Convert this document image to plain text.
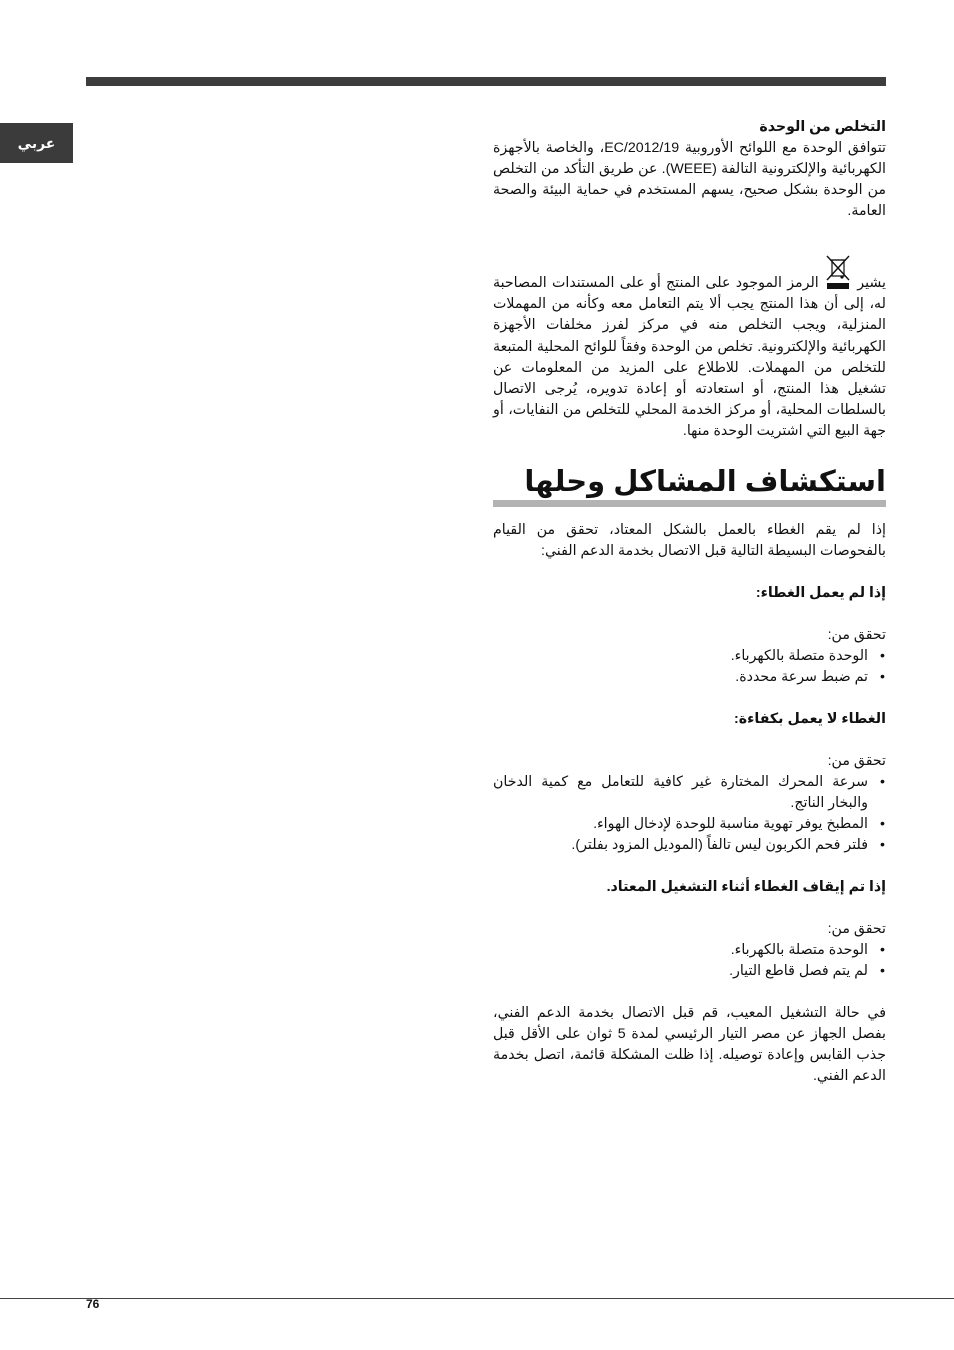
عربي

التخلص من الوحدة

تتوافق الوحدة مع اللوائح الأوروبية 2012/19/EC، والخاصة بالأجهزة الكهربائية والإلكترونية التالفة (WEEE). عن طريق التأكد من التخلص من الوحدة بشكل صحيح، يسهم المستخدم في حماية البيئة والصحة العامة.

يشير  الرمز الموجود على المنتج أو على المستندات المصاحبة له، إلى أن هذا المنتج يجب ألا يتم التعامل معه وكأنه من المهملات المنزلية، ويجب التخلص منه في مركز لفرز مخلفات الأجهزة الكهربائية والإلكترونية. تخلص من الوحدة وفقاً للوائح المحلية المتبعة للتخلص من المهملات. للاطلاع على المزيد من المعلومات عن تشغيل هذا المنتج، أو استعادته أو إعادة تدويره، يُرجى الاتصال بالسلطات المحلية، أو مركز الخدمة المحلي للتخلص من النفايات، أو جهة البيع التي اشتريت الوحدة منها.

استكشاف المشاكل وحلها

إذا لم يقم الغطاء بالعمل بالشكل المعتاد، تحقق من القيام بالفحوصات البسيطة التالية قبل الاتصال بخدمة الدعم الفني:

إذا لم يعمل الغطاء:

تحقق من:

• الوحدة متصلة بالكهرباء.
• تم ضبط سرعة محددة.

الغطاء لا يعمل بكفاءة:

تحقق من:

• سرعة المحرك المختارة غير كافية للتعامل مع كمية الدخان والبخار الناتج.
• المطبخ يوفر تهوية مناسبة للوحدة لإدخال الهواء.
• فلتر فحم الكربون ليس تالفاً (الموديل المزود بفلتر).

إذا تم إيقاف الغطاء أثناء التشغيل المعتاد.

تحقق من:

• الوحدة متصلة بالكهرباء.
• لم يتم فصل قاطع التيار.

في حالة التشغيل المعيب، قم قبل الاتصال بخدمة الدعم الفني، بفصل الجهاز عن مصر التيار الرئيسي لمدة 5 ثوان على الأقل قبل جذب القابس وإعادة توصيله. إذا ظلت المشكلة قائمة، اتصل بخدمة الدعم الفني.

76
